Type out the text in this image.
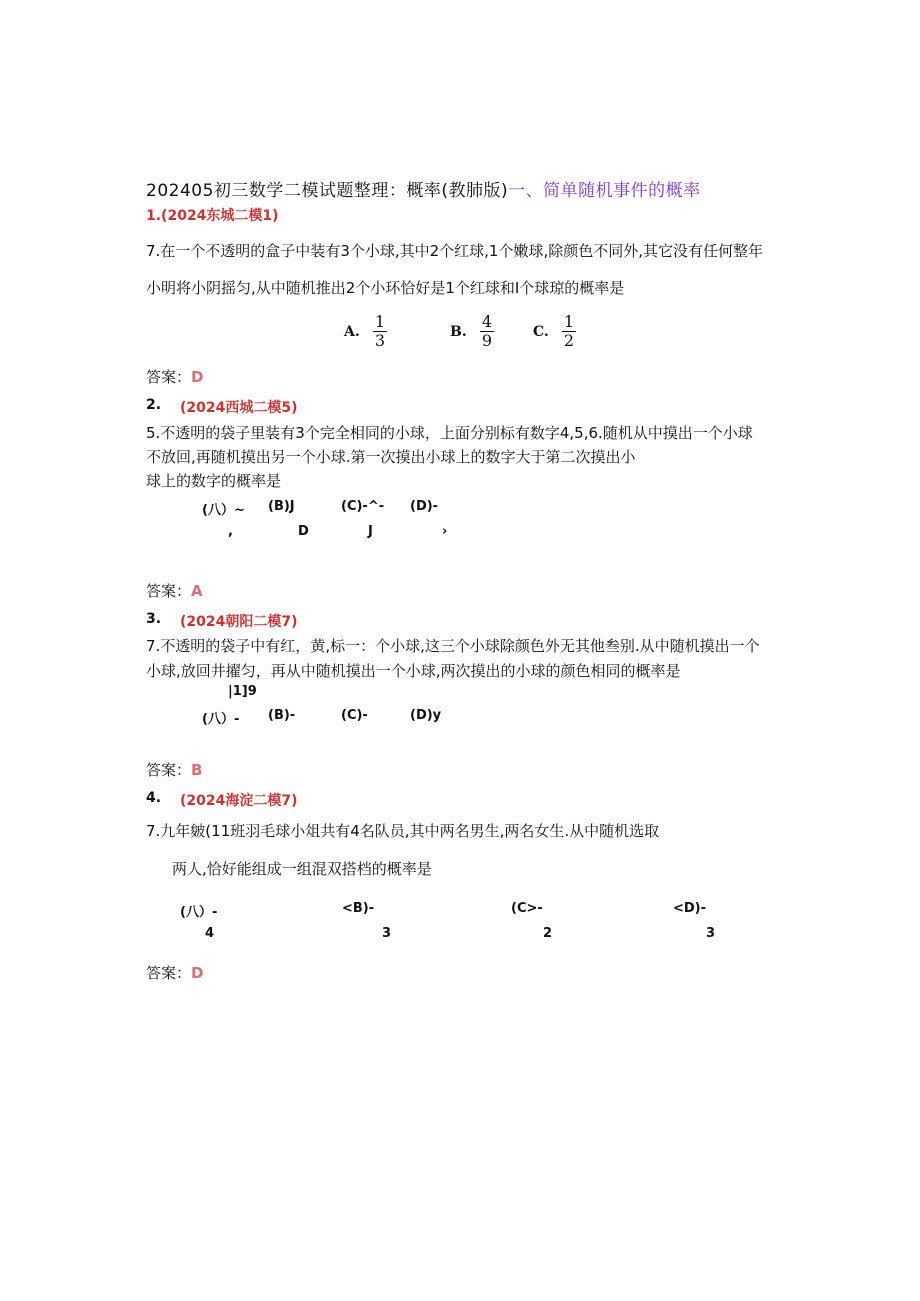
202405初三数学二模试题整理：概率(教肺版)一、简单随机事件的概率
1.(2024东城二模1)
7.在一个不透明的盒子中装有3个小球,其中2个红球,1个嫩球,除颜色不同外,其它没有任何整年
小明将小阴摇匀,从中随机推出2个小环恰好是1个红球和I个球琼的概率是
A. $\frac{1}{3}$	B. $\frac{4}{9}$	C. $\frac{1}{2}$
答案：D
2. (2024西城二模5)
5.不透明的袋子里装有3个完全相同的小球，上面分别标有数字4,5,6.随机从中摸出一个小球
不放回,再随机摸出另一个小球.第一次摸出小球上的数字大于第二次摸出小
球上的数字的概率是
(八）~ (B)J	(C)-^- (D)-
,	D	J	›
答案：A
3. (2024朝阳二模7)
7.不透明的袋子中有红，黄,标一：个小球,这三个小球除颜色外无其他叁别.从中随机摸出一个
小球,放回井擢匀，再从中随机摸出一个小球,两次摸出的小球的颜色相同的概率是
|1]9
(八）- (B)-	(C)-	(D)y
答案：B
4. (2024海淀二模7)
7.九年皴(11班羽毛球小俎共有4名队员,其中两名男生,两名女生.从中随机选取
两人,恰好能组成一组混双搭档的概率是
(八）-	<B)-	(C>-	<D)-
4	3	2	3
答案：D
